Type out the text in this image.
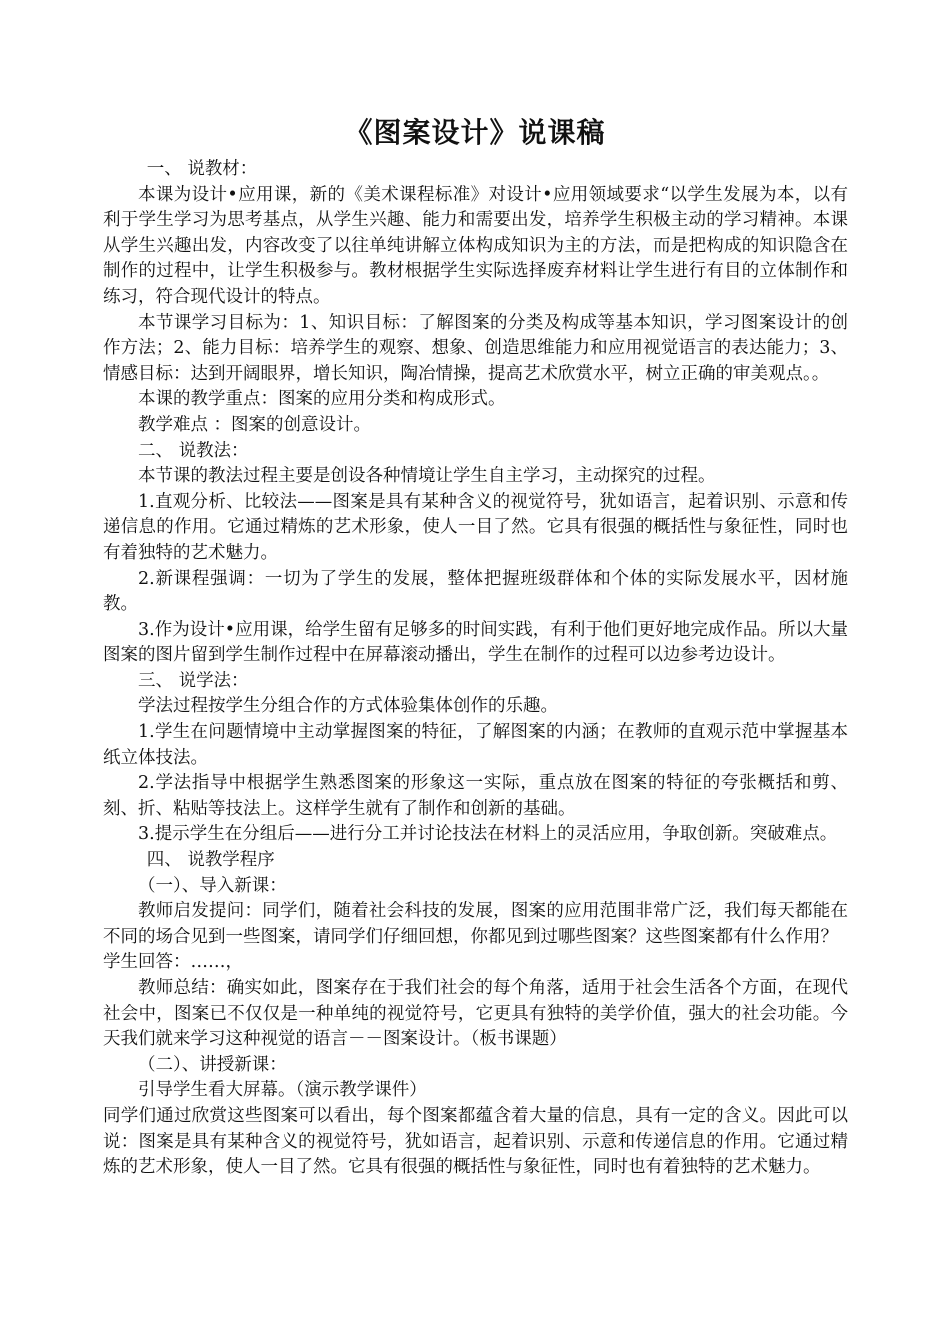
《图案设计》说课稿

一、 说教材：

本课为设计•应用课，新的《美术课程标准》对设计•应用领域要求“以学生发展为本，以有利于学生学习为思考基点，从学生兴趣、能力和需要出发，培养学生积极主动的学习精神。本课从学生兴趣出发，内容改变了以往单纯讲解立体构成知识为主的方法，而是把构成的知识隐含在制作的过程中，让学生积极参与。教材根据学生实际选择废弃材料让学生进行有目的立体制作和练习，符合现代设计的特点。

本节课学习目标为：1、知识目标：了解图案的分类及构成等基本知识，学习图案设计的创作方法；2、能力目标：培养学生的观察、想象、创造思维能力和应用视觉语言的表达能力；3、情感目标：达到开阔眼界，增长知识，陶冶情操，提高艺术欣赏水平，树立正确的审美观点。。

本课的教学重点：图案的应用分类和构成形式。

教学难点 ：图案的创意设计。

二、 说教法：

本节课的教法过程主要是创设各种情境让学生自主学习，主动探究的过程。

1.直观分析、比较法——图案是具有某种含义的视觉符号，犹如语言，起着识别、示意和传递信息的作用。它通过精炼的艺术形象，使人一目了然。它具有很强的概括性与象征性，同时也有着独特的艺术魅力。

2.新课程强调：一切为了学生的发展，整体把握班级群体和个体的实际发展水平，因材施教。

3.作为设计•应用课，给学生留有足够多的时间实践，有利于他们更好地完成作品。所以大量图案的图片留到学生制作过程中在屏幕滚动播出，学生在制作的过程可以边参考边设计。

三、 说学法：

学法过程按学生分组合作的方式体验集体创作的乐趣。

1.学生在问题情境中主动掌握图案的特征，了解图案的内涵；在教师的直观示范中掌握基本纸立体技法。

2.学法指导中根据学生熟悉图案的形象这一实际，重点放在图案的特征的夸张概括和剪、刻、折、粘贴等技法上。这样学生就有了制作和创新的基础。

3.提示学生在分组后——进行分工并讨论技法在材料上的灵活应用，争取创新。突破难点。

四、 说教学程序

（一）、导入新课：

教师启发提问：同学们，随着社会科技的发展，图案的应用范围非常广泛，我们每天都能在不同的场合见到一些图案，请同学们仔细回想，你都见到过哪些图案？这些图案都有什么作用？

学生回答：……，

教师总结：确实如此，图案存在于我们社会的每个角落，适用于社会生活各个方面，在现代社会中，图案已不仅仅是一种单纯的视觉符号，它更具有独特的美学价值，强大的社会功能。今天我们就来学习这种视觉的语言－－图案设计。（板书课题）

（二）、讲授新课：

引导学生看大屏幕。（演示教学课件）

同学们通过欣赏这些图案可以看出，每个图案都蕴含着大量的信息，具有一定的含义。因此可以说：图案是具有某种含义的视觉符号，犹如语言，起着识别、示意和传递信息的作用。它通过精炼的艺术形象，使人一目了然。它具有很强的概括性与象征性，同时也有着独特的艺术魅力。
